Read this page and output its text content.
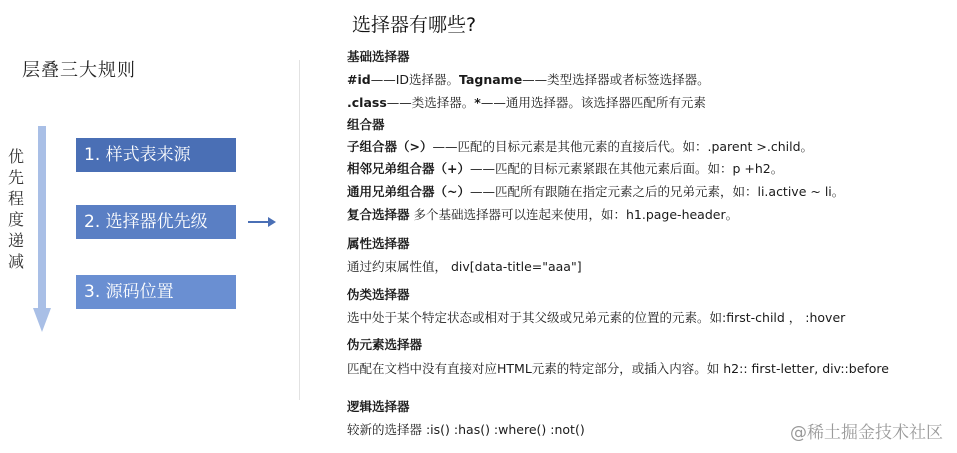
层叠三大规则
优先程度递减
1. 样式表来源
2. 选择器优先级
3. 源码位置
选择器有哪些?
基础选择器
#id——ID选择器。Tagname——类型选择器或者标签选择器。
.class——类选择器。*——通用选择器。该选择器匹配所有元素
组合器
子组合器（>）——匹配的目标元素是其他元素的直接后代。如：.parent >.child。
相邻兄弟组合器（+）——匹配的目标元素紧跟在其他元素后面。如：p +h2。
通用兄弟组合器（~）——匹配所有跟随在指定元素之后的兄弟元素，如：li.active ~ li。
复合选择器 多个基础选择器可以连起来使用，如：h1.page-header。
属性选择器
通过约束属性值， div[data-title="aaa"]
伪类选择器
选中处于某个特定状态或相对于其父级或兄弟元素的位置的元素。如:first-child ， :hover
伪元素选择器
匹配在文档中没有直接对应HTML元素的特定部分，或插入内容。如 h2:: first-letter, div::before
逻辑选择器
较新的选择器 :is() :has() :where() :not()	@稀土掘金技术社区
